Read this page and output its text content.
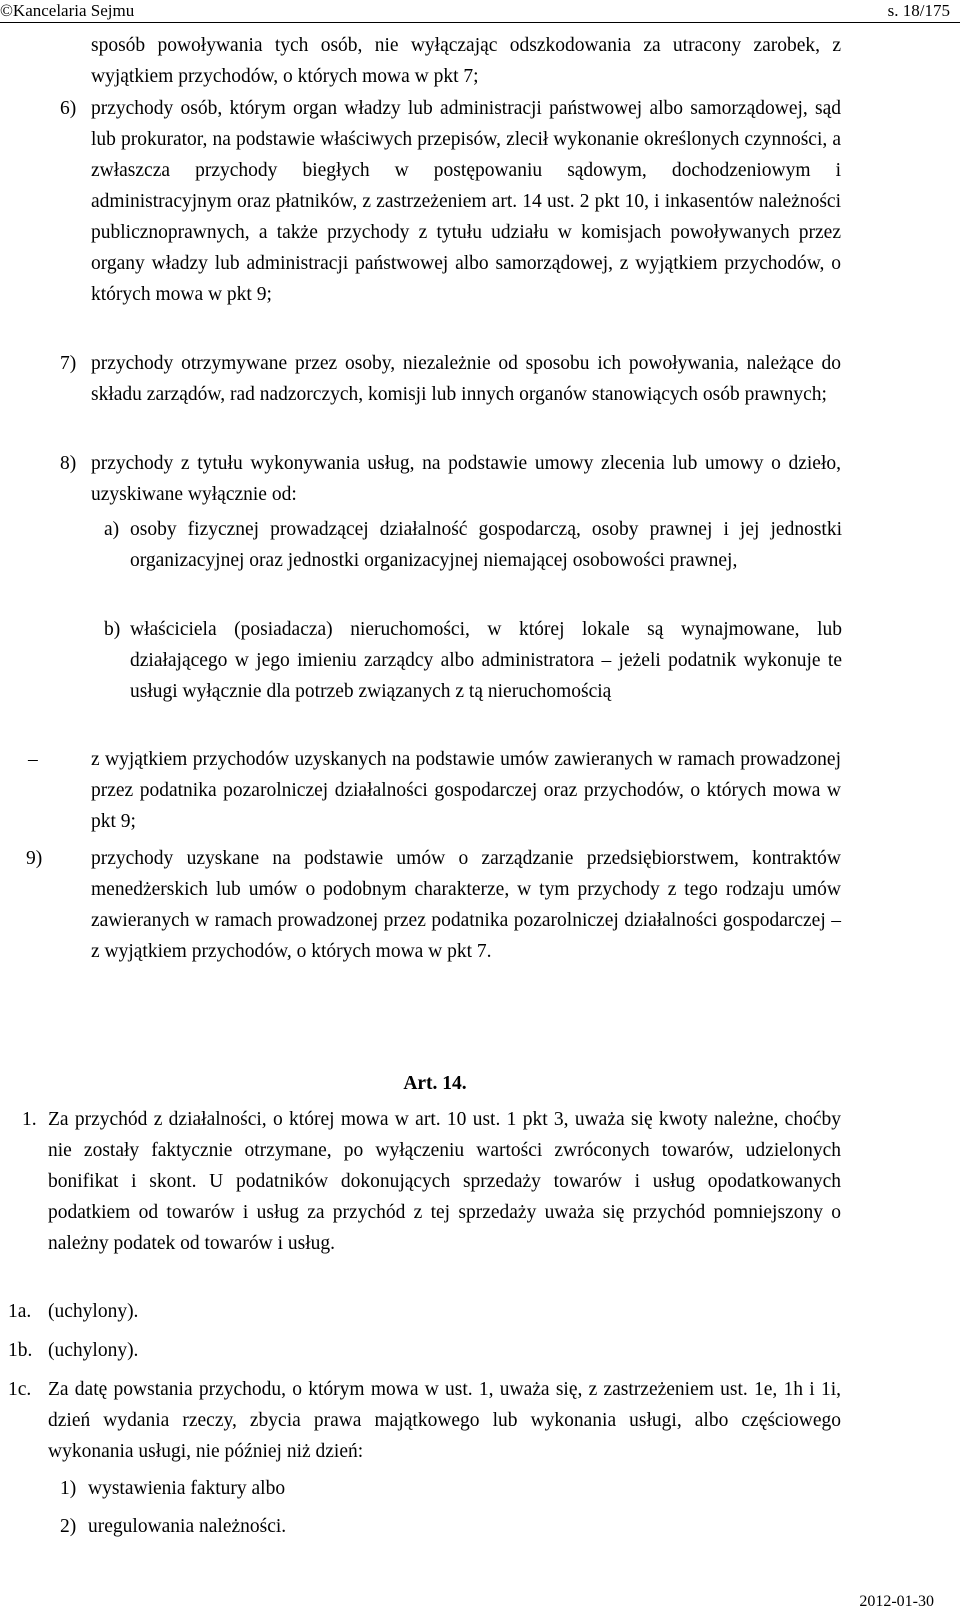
©Kancelaria Sejmu	s. 18/175
sposób powoływania tych osób, nie wyłączając odszkodowania za utracony zarobek, z wyjątkiem przychodów, o których mowa w pkt 7;
6) przychody osób, którym organ władzy lub administracji państwowej albo samorządowej, sąd lub prokurator, na podstawie właściwych przepisów, zlecił wykonanie określonych czynności, a zwłaszcza przychody biegłych w postępowaniu sądowym, dochodzeniowym i administracyjnym oraz płatników, z zastrzeżeniem art. 14 ust. 2 pkt 10, i inkasentów należności publicznoprawnych, a także przychody z tytułu udziału w komisjach powoływanych przez organy władzy lub administracji państwowej albo samorządowej, z wyjątkiem przychodów, o których mowa w pkt 9;
7) przychody otrzymywane przez osoby, niezależnie od sposobu ich powoływania, należące do składu zarządów, rad nadzorczych, komisji lub innych organów stanowiących osób prawnych;
8) przychody z tytułu wykonywania usług, na podstawie umowy zlecenia lub umowy o dzieło, uzyskiwane wyłącznie od:
a) osoby fizycznej prowadzącej działalność gospodarczą, osoby prawnej i jej jednostki organizacyjnej oraz jednostki organizacyjnej niemającej osobowości prawnej,
b) właściciela (posiadacza) nieruchomości, w której lokale są wynajmowane, lub działającego w jego imieniu zarządcy albo administratora – jeżeli podatnik wykonuje te usługi wyłącznie dla potrzeb związanych z tą nieruchomością
–	z wyjątkiem przychodów uzyskanych na podstawie umów zawieranych w ramach prowadzonej przez podatnika pozarolniczej działalności gospodarczej oraz przychodów, o których mowa w pkt 9;
9)	przychody uzyskane na podstawie umów o zarządzanie przedsiębiorstwem, kontraktów menedżerskich lub umów o podobnym charakterze, w tym przychody z tego rodzaju umów zawieranych w ramach prowadzonej przez podatnika pozarolniczej działalności gospodarczej – z wyjątkiem przychodów, o których mowa w pkt 7.
Art. 14.
1. Za przychód z działalności, o której mowa w art. 10 ust. 1 pkt 3, uważa się kwoty należne, choćby nie zostały faktycznie otrzymane, po wyłączeniu wartości zwróconych towarów, udzielonych bonifikat i skont. U podatników dokonujących sprzedaży towarów i usług opodatkowanych podatkiem od towarów i usług za przychód z tej sprzedaży uważa się przychód pomniejszony o należny podatek od towarów i usług.
1a. (uchylony).
1b. (uchylony).
1c. Za datę powstania przychodu, o którym mowa w ust. 1, uważa się, z zastrzeżeniem ust. 1e, 1h i 1i, dzień wydania rzeczy, zbycia prawa majątkowego lub wykonania usługi, albo częściowego wykonania usługi, nie później niż dzień:
1) wystawienia faktury albo
2) uregulowania należności.
2012-01-30
